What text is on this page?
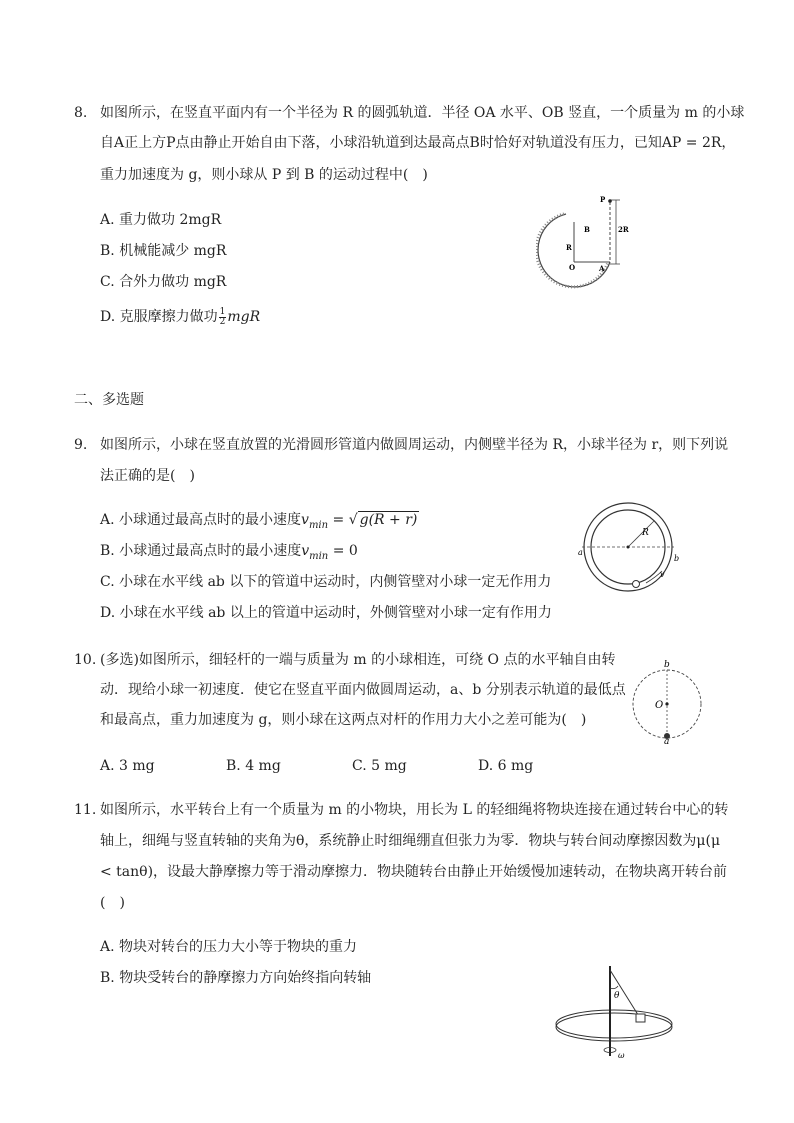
8. 如图所示，在竖直平面内有一个半径为 R 的圆弧轨道．半径 OA 水平、OB 竖直，一个质量为 m 的小球
自A正上方P点由静止开始自由下落，小球沿轨道到达最高点B时恰好对轨道没有压力，已知AP = 2R，
重力加速度为 g，则小球从 P 到 B 的运动过程中(　)
A. 重力做功 2mgR
B. 机械能减少 mgR
C. 合外力做功 mgR
D. 克服摩擦力做功 $\frac{1}{2}$ mgR
P
B
R
O	A
2R
二、多选题
9. 如图所示，小球在竖直放置的光滑圆形管道内做圆周运动，内侧壁半径为 R，小球半径为 r，则下列说
法正确的是(　)
A. 小球通过最高点时的最小速度$v_{min}$ = √ g(R + r)
B. 小球通过最高点时的最小速度$v_{min} = 0$
C. 小球在水平线 ab 以下的管道中运动时，内侧管壁对小球一定无作用力
D. 小球在水平线 ab 以上的管道中运动时，外侧管壁对小球一定有作用力
R
a
b
v
10. (多选)如图所示，细轻杆的一端与质量为 m 的小球相连，可绕 O 点的水平轴自由转
动．现给小球一初速度．使它在竖直平面内做圆周运动，a、b 分别表示轨道的最低点
和最高点，重力加速度为 g，则小球在这两点对杆的作用力大小之差可能为(　)
A. 3 mg	B. 4 mg	C. 5 mg	D. 6 mg
b
O
a
11. 如图所示，水平转台上有一个质量为 m 的小物块，用长为 L 的轻细绳将物块连接在通过转台中心的转
轴上，细绳与竖直转轴的夹角为θ，系统静止时细绳绷直但张力为零．物块与转台间动摩擦因数为μ(μ
< tanθ)，设最大静摩擦力等于滑动摩擦力．物块随转台由静止开始缓慢加速转动，在物块离开转台前
(　)
A. 物块对转台的压力大小等于物块的重力
B. 物块受转台的静摩擦力方向始终指向转轴
θ
ω
